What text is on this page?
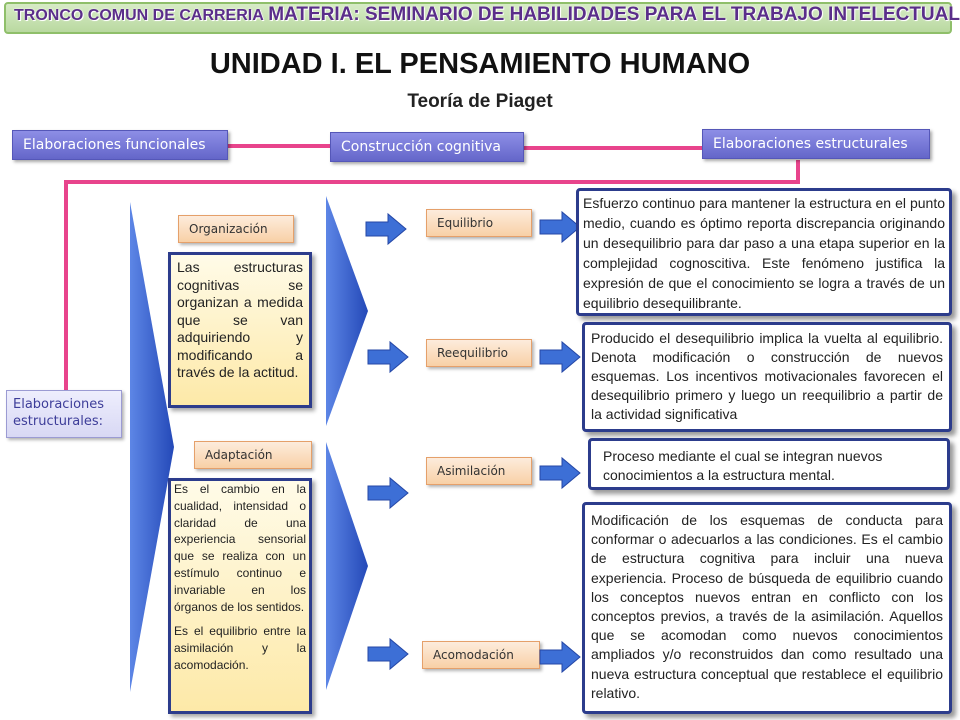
TRONCO COMUN DE CARRERIA MATERIA: SEMINARIO DE HABILIDADES PARA EL TRABAJO INTELECTUAL
UNIDAD I. EL PENSAMIENTO HUMANO
Teoría de Piaget
Elaboraciones funcionales	Construcción cognitiva	Elaboraciones estructurales
Elaboraciones estructurales:
Organización
Las estructuras cognitivas se organizan a medida que se van adquiriendo y modificando a través de la actitud.
Adaptación
Es el cambio en la cualidad, intensidad o claridad de una experiencia sensorial que se realiza con un estímulo continuo e invariable en los órganos de los sentidos.
Es el equilibrio entre la asimilación y la acomodación.
Equilibrio
Reequilibrio
Asimilación
Acomodación
Esfuerzo continuo para mantener la estructura en el punto medio, cuando es óptimo reporta discrepancia originando un desequilibrio para dar paso a una etapa superior en la complejidad cognoscitiva. Este fenómeno justifica la expresión de que el conocimiento se logra a través de un equilibrio desequilibrante.
Producido el desequilibrio implica la vuelta al equilibrio. Denota modificación o construcción de nuevos esquemas. Los incentivos motivacionales favorecen el desequilibrio primero y luego un reequilibrio a partir de la actividad significativa
Proceso mediante el cual se integran nuevos conocimientos a la estructura mental.
Modificación de los esquemas de conducta para conformar o adecuarlos a las condiciones. Es el cambio de estructura cognitiva para incluir una nueva experiencia. Proceso de búsqueda de equilibrio cuando los conceptos nuevos entran en conflicto con los conceptos previos, a través de la asimilación. Aquellos que se acomodan como nuevos conocimientos ampliados y/o reconstruidos dan como resultado una nueva estructura conceptual que restablece el equilibrio relativo.
